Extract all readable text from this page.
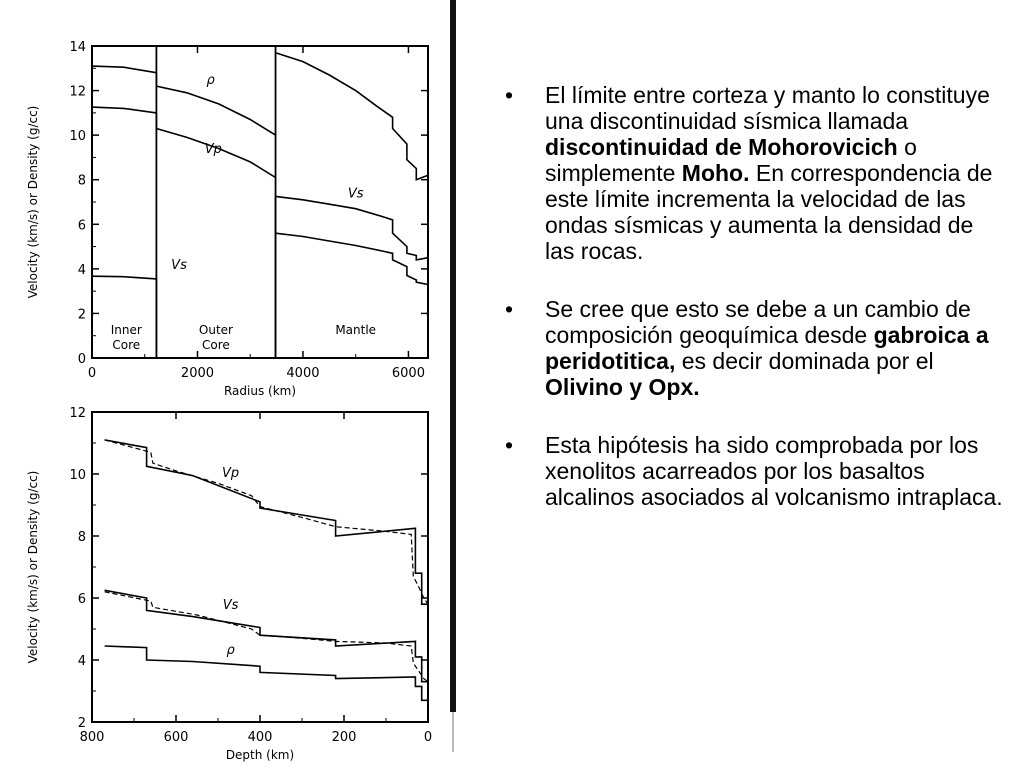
0
2
4
6
8
10
12
14
0	2000	4000	6000
Radius (km)
Velocity (km/s) or Density (g/cc)
ρ
Vp
Vs
Vs
Inner
Core
Outer
Core
Mantle
2
4
6
8
10
12
800	600	400	200	0
Depth (km)
Velocity (km/s) or Density (g/cc)	Vp
Vs
ρ
• El límite entre corteza y manto lo constituye una discontinuidad sísmica llamada discontinuidad de Mohorovicich o simplemente Moho. En correspondencia de este límite incrementa la velocidad de las ondas sísmicas y aumenta la densidad de las rocas.
• Se cree que esto se debe a un cambio de composición geoquímica desde gabroica a peridotitica, es decir dominada por el Olivino y Opx.
• Esta hipótesis ha sido comprobada por los xenolitos acarreados por los basaltos alcalinos asociados al volcanismo intraplaca.
